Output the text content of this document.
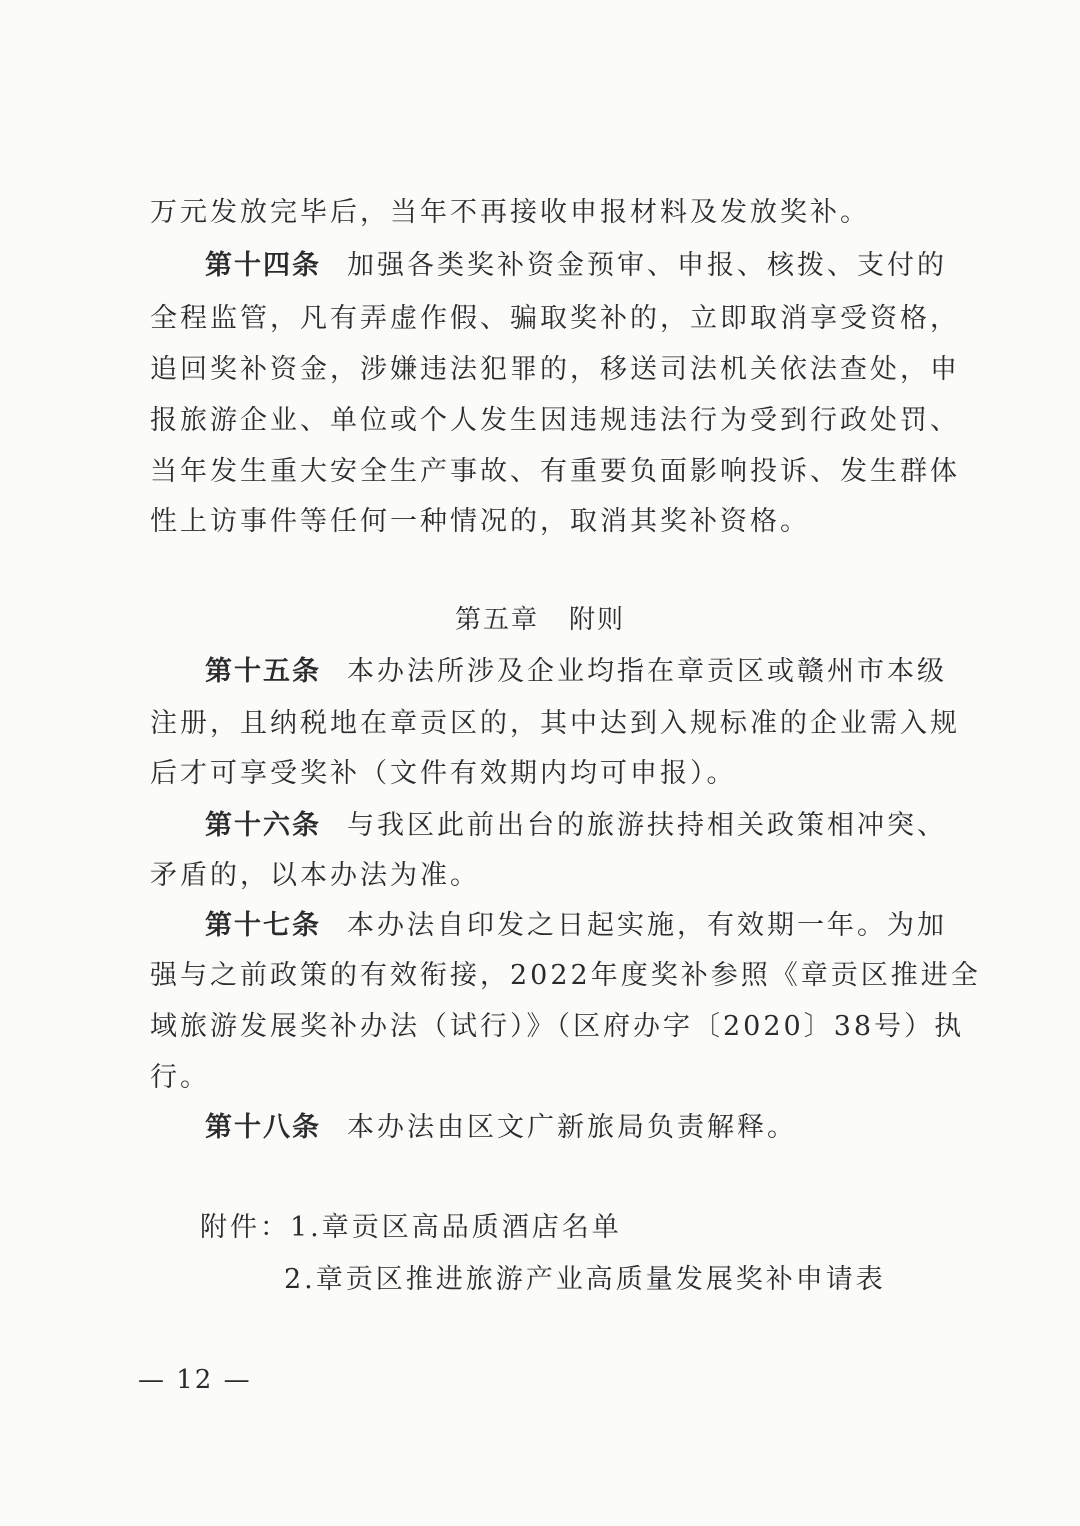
万元发放完毕后，当年不再接收申报材料及发放奖补。
第十四条 加强各类奖补资金预审、申报、核拨、支付的
全程监管，凡有弄虚作假、骗取奖补的，立即取消享受资格，
追回奖补资金，涉嫌违法犯罪的，移送司法机关依法查处，申
报旅游企业、单位或个人发生因违规违法行为受到行政处罚、
当年发生重大安全生产事故、有重要负面影响投诉、发生群体
性上访事件等任何一种情况的，取消其奖补资格。
第五章 附则
第十五条 本办法所涉及企业均指在章贡区或赣州市本级
注册，且纳税地在章贡区的，其中达到入规标准的企业需入规
后才可享受奖补（文件有效期内均可申报）。
第十六条 与我区此前出台的旅游扶持相关政策相冲突、
矛盾的，以本办法为准。
第十七条 本办法自印发之日起实施，有效期一年。为加
强与之前政策的有效衔接，2022年度奖补参照《章贡区推进全
域旅游发展奖补办法（试行）》（区府办字〔2020〕38号）执
行。
第十八条 本办法由区文广新旅局负责解释。
附件：1.章贡区高品质酒店名单
2.章贡区推进旅游产业高质量发展奖补申请表
— 12 —
